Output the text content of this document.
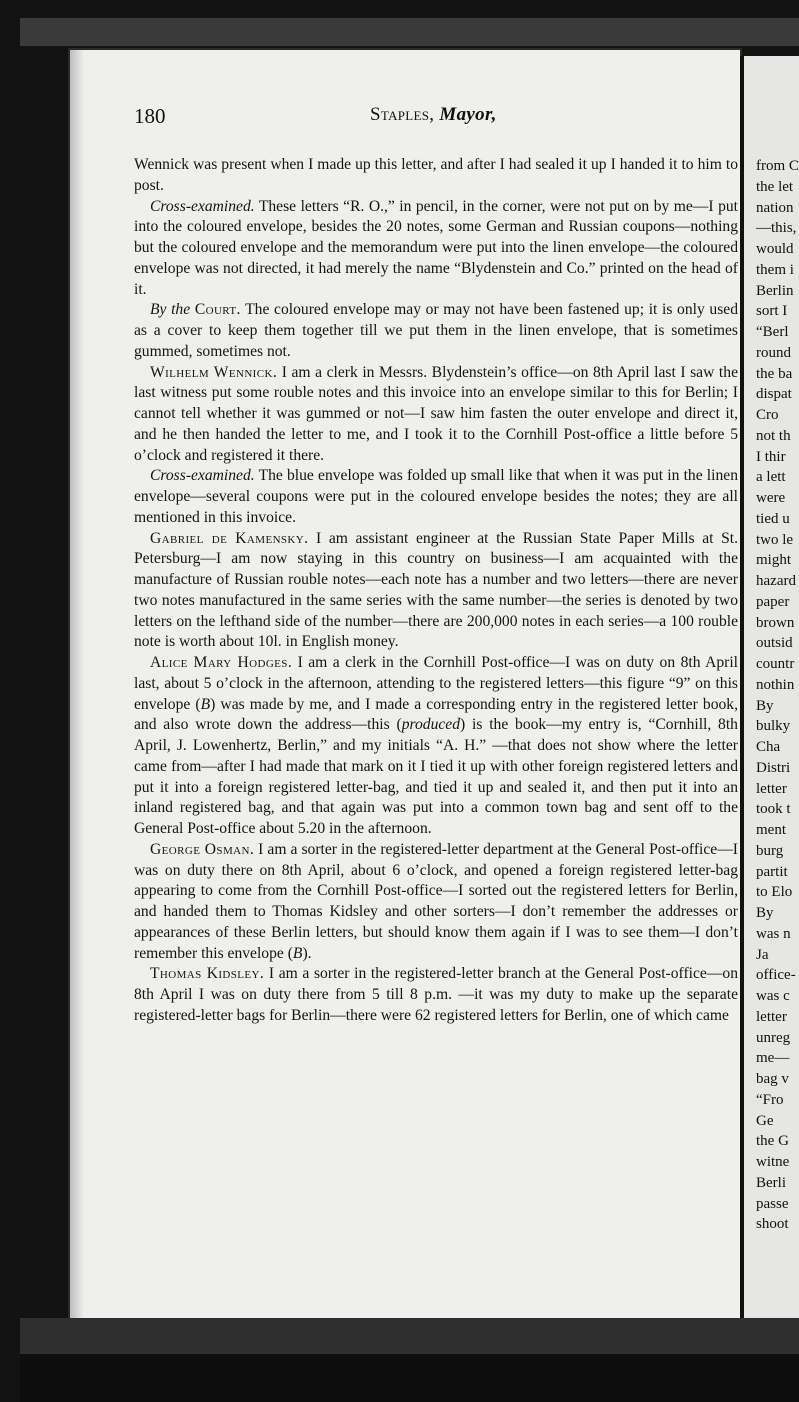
from C
the let
nation
—this,
would
them i
Berlin
sort I
“Berl
round
the ba
dispat
Cro
not th
I thir
a lett
were
tied u
two le
might
hazard
paper
brown
outsid
countr
nothin
By
bulky
Cha
Distri
letter
took t
ment
burg
partit
to Elo
By
was n
Ja
office-
was c
letter
unreg
me—
bag v
“Fro
Ge
the G
witne
Berli
passe
shoot
180	Staples, Mayor,

Wennick was present when I made up this letter, and after I had sealed it up I handed it to him to post.

Cross-examined. These letters “R. O.,” in pencil, in the corner, were not put on by me—I put into the coloured envelope, besides the 20 notes, some German and Russian coupons—nothing but the coloured envelope and the memorandum were put into the linen envelope—the coloured envelope was not directed, it had merely the name “Blydenstein and Co.” printed on the head of it.

By the Court. The coloured envelope may or may not have been fastened up; it is only used as a cover to keep them together till we put them in the linen envelope, that is sometimes gummed, sometimes not.

Wilhelm Wennick. I am a clerk in Messrs. Blydenstein’s office—on 8th April last I saw the last witness put some rouble notes and this invoice into an envelope similar to this for Berlin; I cannot tell whether it was gummed or not—I saw him fasten the outer envelope and direct it, and he then handed the letter to me, and I took it to the Cornhill Post-office a little before 5 o’clock and registered it there.

Cross-examined. The blue envelope was folded up small like that when it was put in the linen envelope—several coupons were put in the coloured envelope besides the notes; they are all mentioned in this invoice.

Gabriel de Kamensky. I am assistant engineer at the Russian State Paper Mills at St. Petersburg—I am now staying in this country on business—I am acquainted with the manufacture of Russian rouble notes—each note has a number and two letters—there are never two notes manufactured in the same series with the same number—the series is denoted by two letters on the lefthand side of the number—there are 200,000 notes in each series—a 100 rouble note is worth about 10l. in English money.

Alice Mary Hodges. I am a clerk in the Cornhill Post-office—I was on duty on 8th April last, about 5 o’clock in the afternoon, attending to the registered letters—this figure “9” on this envelope (B) was made by me, and I made a corresponding entry in the registered letter book, and also wrote down the address—this (produced) is the book—my entry is, “Cornhill, 8th April, J. Lowenhertz, Berlin,” and my initials “A. H.” —that does not show where the letter came from—after I had made that mark on it I tied it up with other foreign registered letters and put it into a foreign registered letter-bag, and tied it up and sealed it, and then put it into an inland registered bag, and that again was put into a common town bag and sent off to the General Post-office about 5.20 in the afternoon.

George Osman. I am a sorter in the registered-letter department at the General Post-office—I was on duty there on 8th April, about 6 o’clock, and opened a foreign registered letter-bag appearing to come from the Cornhill Post-office—I sorted out the registered letters for Berlin, and handed them to Thomas Kidsley and other sorters—I don’t remember the addresses or appearances of these Berlin letters, but should know them again if I was to see them—I don’t remember this envelope (B).

Thomas Kidsley. I am a sorter in the registered-letter branch at the General Post-office—on 8th April I was on duty there from 5 till 8 p.m. —it was my duty to make up the separate registered-letter bags for Berlin—there were 62 registered letters for Berlin, one of which came
